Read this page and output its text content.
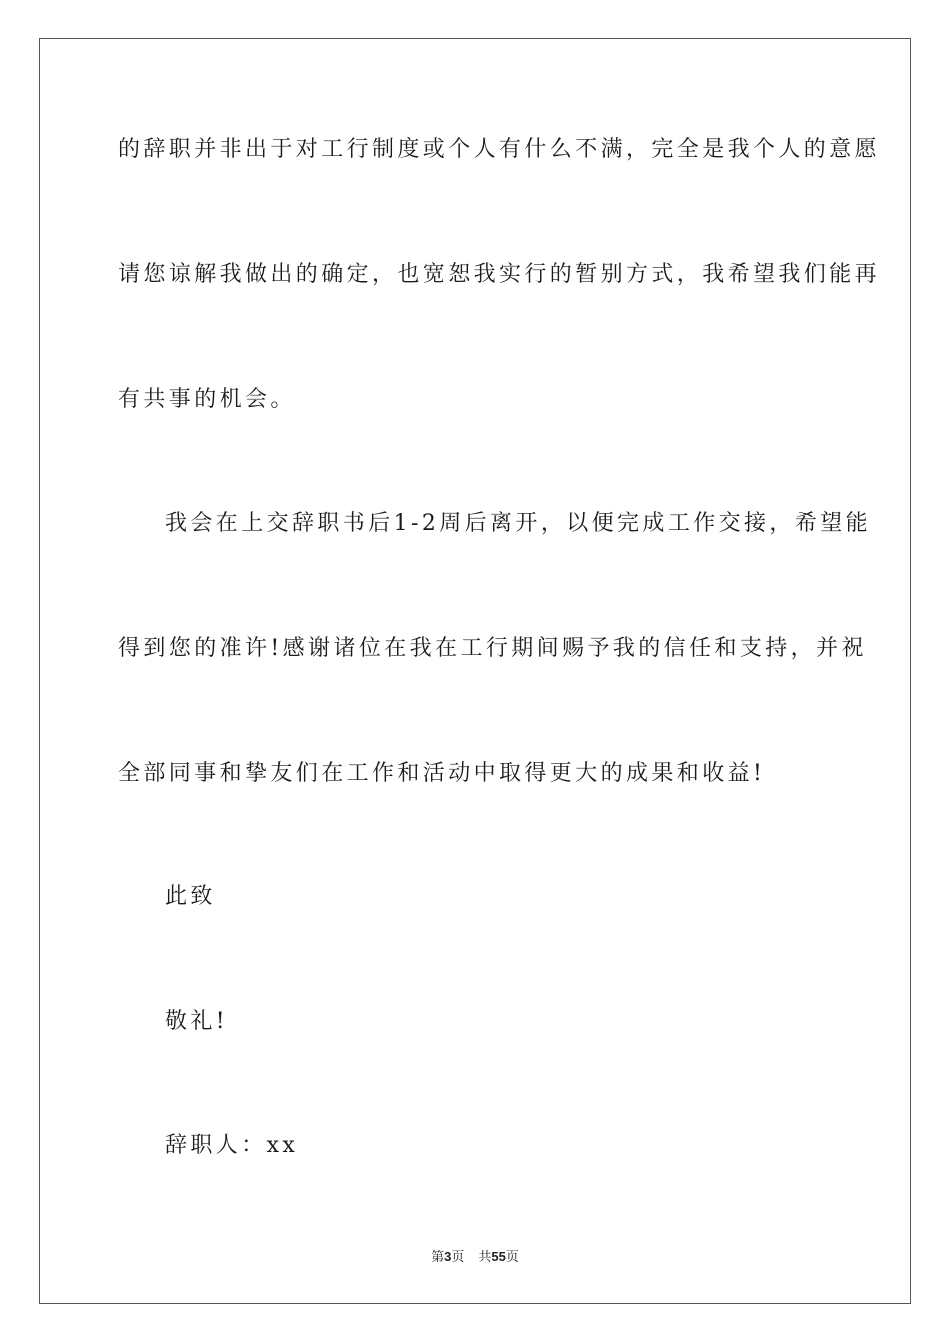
的辞职并非出于对工行制度或个人有什么不满，完全是我个人的意愿
请您谅解我做出的确定，也宽恕我实行的暂别方式，我希望我们能再
有共事的机会。
我会在上交辞职书后1-2周后离开，以便完成工作交接，希望能
得到您的准许!感谢诸位在我在工行期间赐予我的信任和支持，并祝
全部同事和挚友们在工作和活动中取得更大的成果和收益!
此致
敬礼!
辞职人：xx
第3页 共55页
